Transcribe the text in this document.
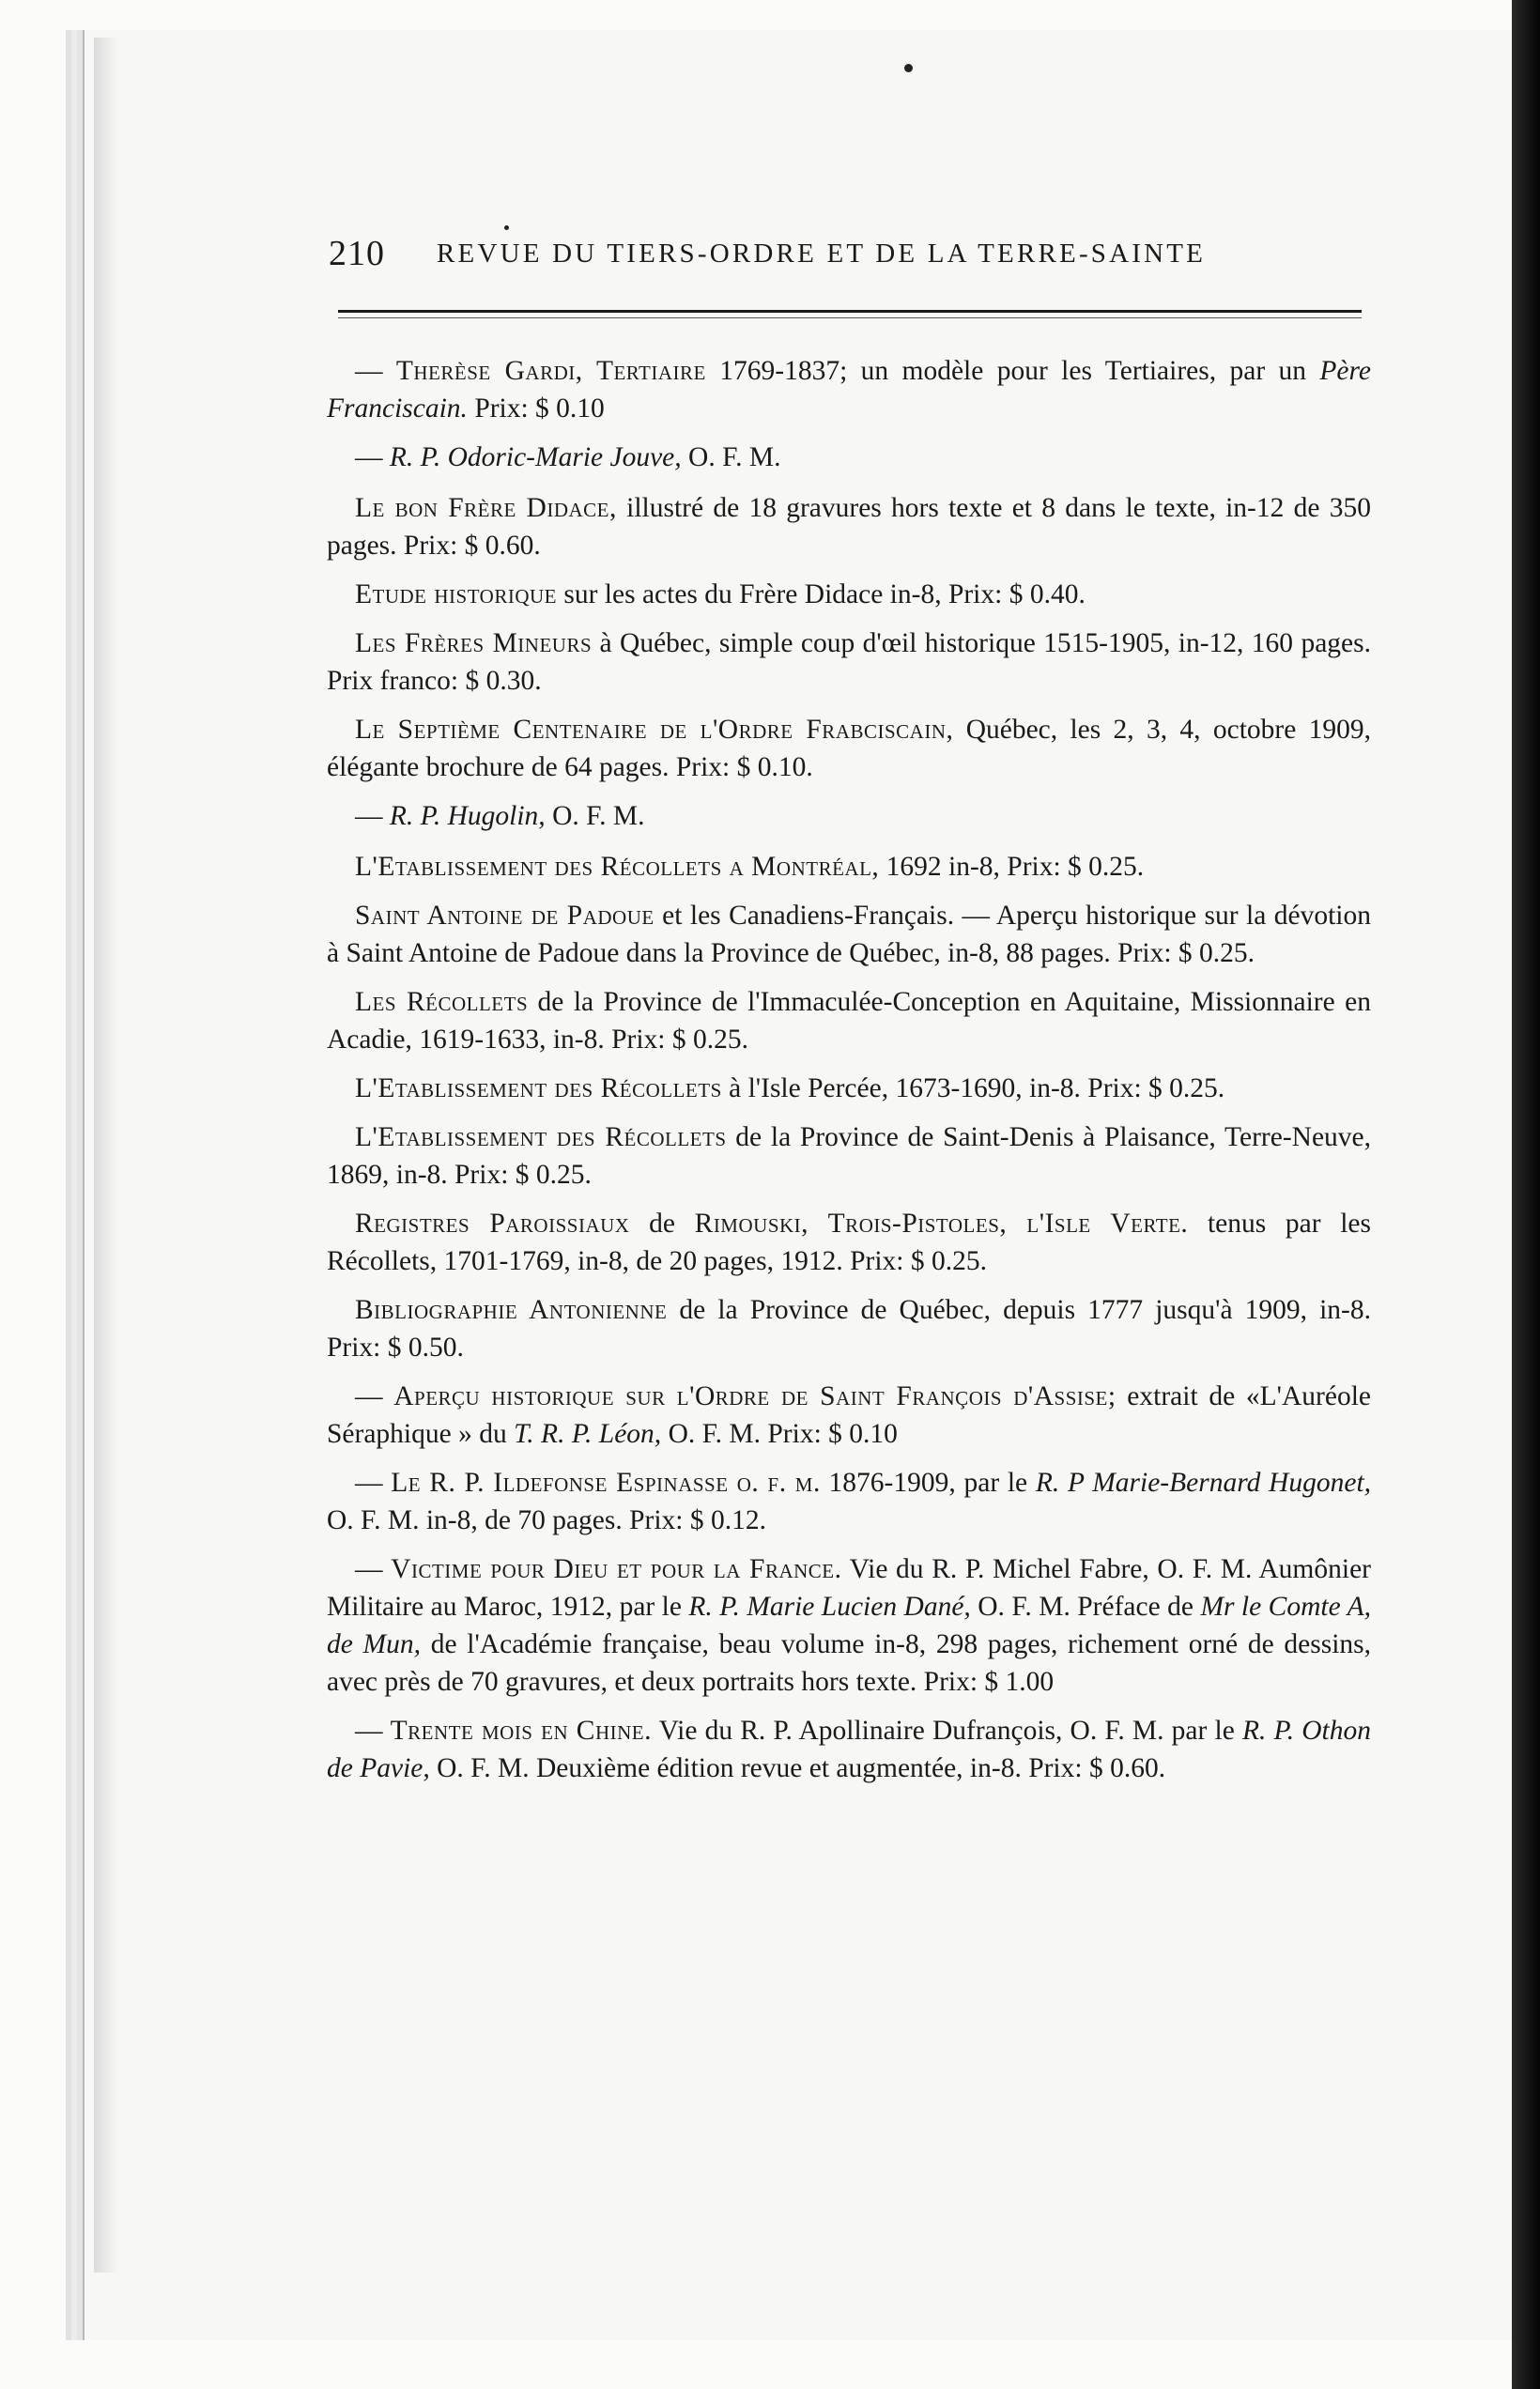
210 REVUE DU TIERS-ORDRE ET DE LA TERRE-SAINTE

— Therèse Gardi, Tertiaire 1769-1837; un modèle pour les Tertiaires, par un Père Franciscain. Prix: $ 0.10

— R. P. Odoric-Marie Jouve, O. F. M.

Le bon Frère Didace, illustré de 18 gravures hors texte et 8 dans le texte, in-12 de 350 pages. Prix: $ 0.60.

Etude historique sur les actes du Frère Didace in-8, Prix: $ 0.40.

Les Frères Mineurs à Québec, simple coup d'œil historique 1515-1905, in-12, 160 pages. Prix franco: $ 0.30.

Le Septième Centenaire de l'Ordre Frabciscain, Québec, les 2, 3, 4, octobre 1909, élégante brochure de 64 pages. Prix: $ 0.10.

— R. P. Hugolin, O. F. M.

L'Etablissement des Récollets a Montréal, 1692 in-8, Prix: $ 0.25.

Saint Antoine de Padoue et les Canadiens-Français. — Aperçu historique sur la dévotion à Saint Antoine de Padoue dans la Province de Québec, in-8, 88 pages. Prix: $ 0.25.

Les Récollets de la Province de l'Immaculée-Conception en Aquitaine, Missionnaire en Acadie, 1619-1633, in-8. Prix: $ 0.25.

L'Etablissement des Récollets à l'Isle Percée, 1673-1690, in-8. Prix: $ 0.25.

L'Etablissement des Récollets de la Province de Saint-Denis à Plaisance, Terre-Neuve, 1869, in-8. Prix: $ 0.25.

Registres Paroissiaux de Rimouski, Trois-Pistoles, l'Isle Verte. tenus par les Récollets, 1701-1769, in-8, de 20 pages, 1912. Prix: $ 0.25.

Bibliographie Antonienne de la Province de Québec, depuis 1777 jusqu'à 1909, in-8. Prix: $ 0.50.

— Aperçu historique sur l'Ordre de Saint François d'Assise; extrait de «L'Auréole Séraphique » du T. R. P. Léon, O. F. M. Prix: $ 0.10

— Le R. P. Ildefonse Espinasse o. f. m. 1876-1909, par le R. P Marie-Bernard Hugonet, O. F. M. in-8, de 70 pages. Prix: $ 0.12.

— Victime pour Dieu et pour la France. Vie du R. P. Michel Fabre, O. F. M. Aumônier Militaire au Maroc, 1912, par le R. P. Marie Lucien Dané, O. F. M. Préface de Mr le Comte A, de Mun, de l'Académie française, beau volume in-8, 298 pages, richement orné de dessins, avec près de 70 gravures, et deux portraits hors texte. Prix: $ 1.00

— Trente mois en Chine. Vie du R. P. Apollinaire Dufrançois, O. F. M. par le R. P. Othon de Pavie, O. F. M. Deuxième édition revue et augmentée, in-8. Prix: $ 0.60.
